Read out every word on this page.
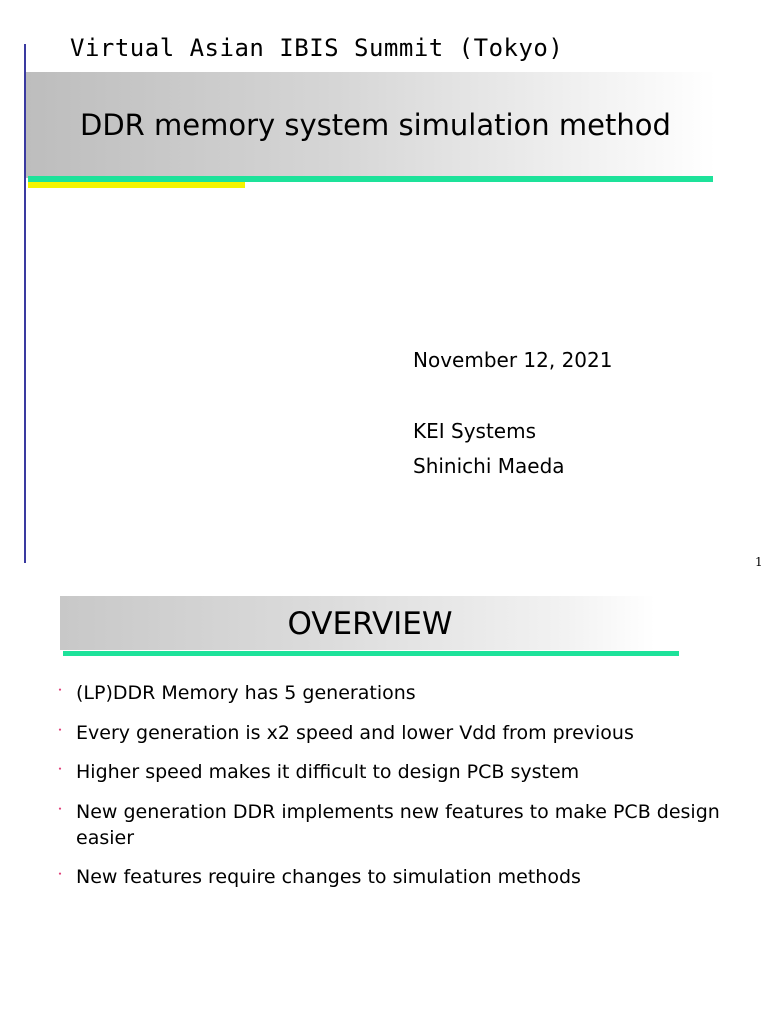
Virtual Asian IBIS Summit (Tokyo)
DDR memory system simulation method
November 12, 2021
KEI Systems
Shinichi Maeda
1
OVERVIEW
・ (LP)DDR Memory has 5 generations
・ Every generation is x2 speed and lower Vdd from previous
・ Higher speed makes it difficult to design PCB system
・ New generation DDR implements new features to make PCB design easier
・ New features require changes to simulation methods
